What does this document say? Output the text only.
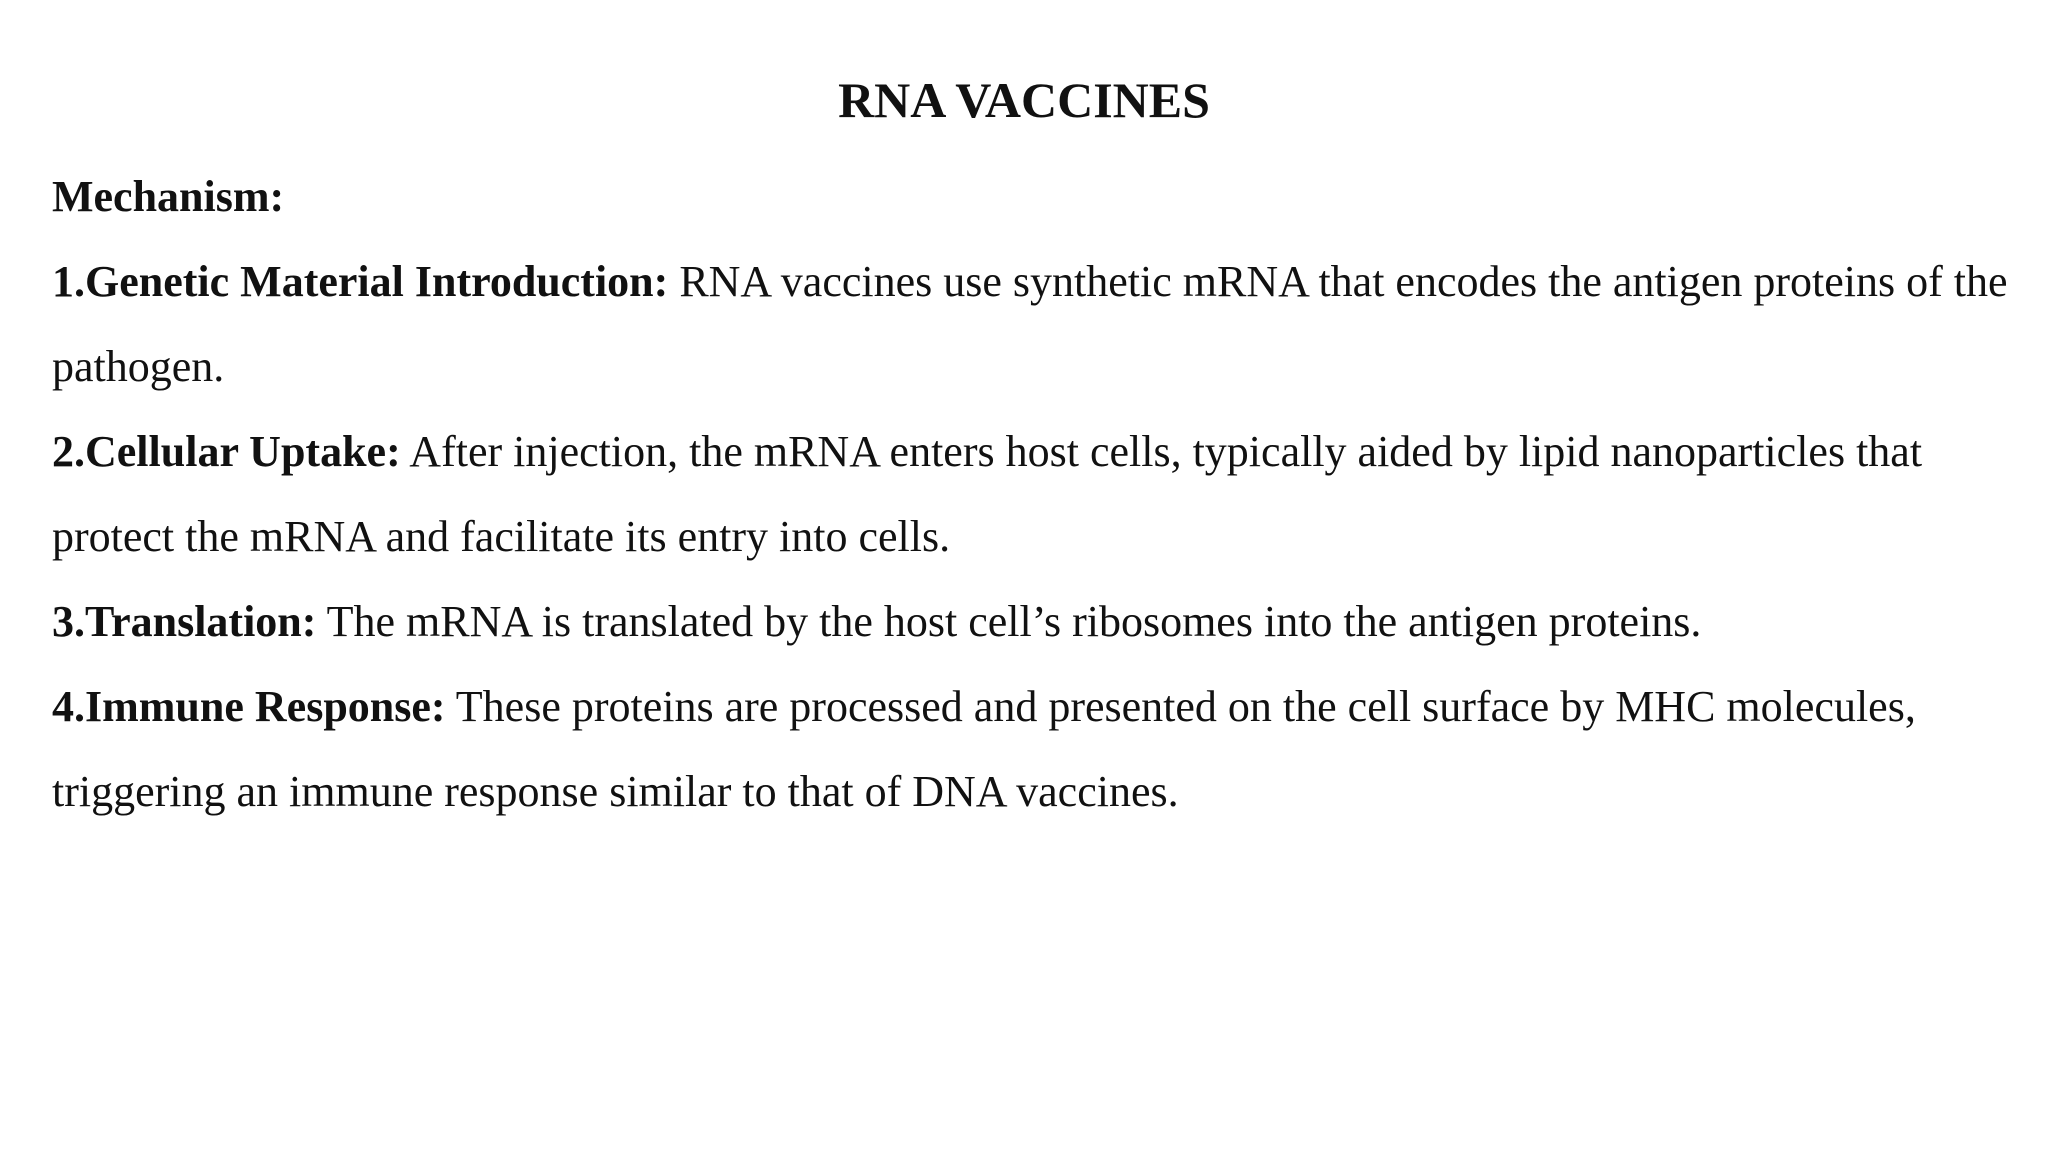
RNA VACCINES

Mechanism:

1.Genetic Material Introduction: RNA vaccines use synthetic mRNA that encodes the antigen proteins of the pathogen.

2.Cellular Uptake: After injection, the mRNA enters host cells, typically aided by lipid nanoparticles that protect the mRNA and facilitate its entry into cells.

3.Translation: The mRNA is translated by the host cell’s ribosomes into the antigen proteins.

4.Immune Response: These proteins are processed and presented on the cell surface by MHC molecules, triggering an immune response similar to that of DNA vaccines.
